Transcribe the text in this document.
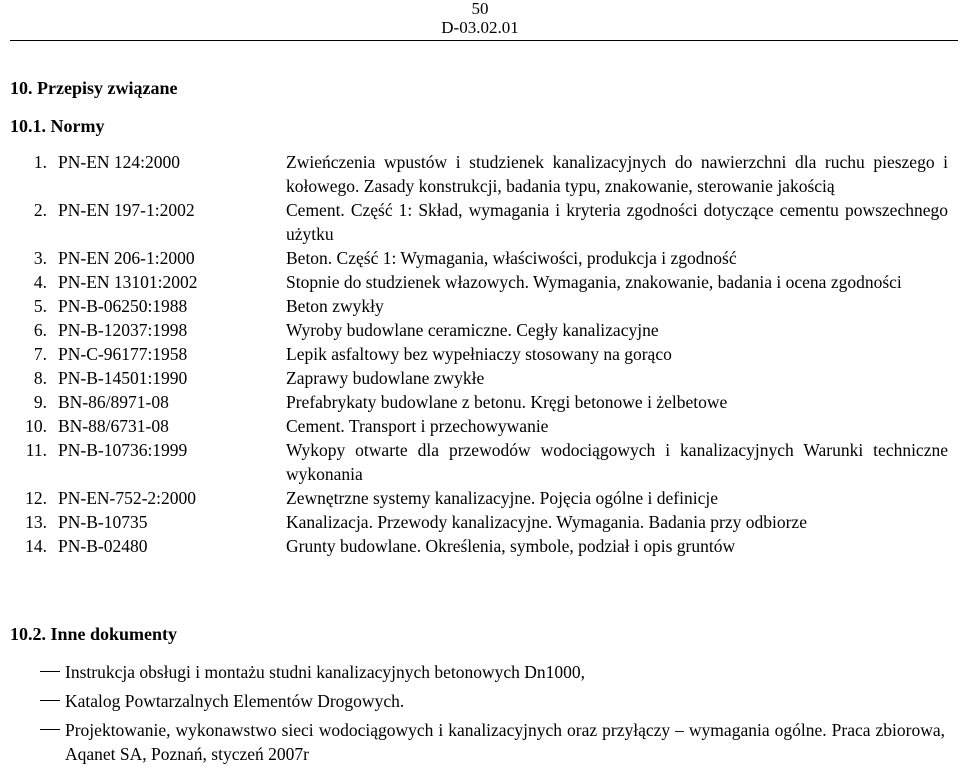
50
D-03.02.01
10. Przepisy związane
10.1. Normy
1. PN-EN 124:2000	Zwieńczenia wpustów i studzienek kanalizacyjnych do nawierzchni dla ruchu pieszego i kołowego. Zasady konstrukcji, badania typu, znakowanie, sterowanie jakością
2. PN-EN 197-1:2002	Cement. Część 1: Skład, wymagania i kryteria zgodności dotyczące cementu powszechnego użytku
3. PN-EN 206-1:2000	Beton. Część 1: Wymagania, właściwości, produkcja i zgodność
4. PN-EN 13101:2002	Stopnie do studzienek włazowych. Wymagania, znakowanie, badania i ocena zgodności
5. PN-B-06250:1988	Beton zwykły
6. PN-B-12037:1998	Wyroby budowlane ceramiczne. Cegły kanalizacyjne
7. PN-C-96177:1958	Lepik asfaltowy bez wypełniaczy stosowany na gorąco
8. PN-B-14501:1990	Zaprawy budowlane zwykłe
9. BN-86/8971-08	Prefabrykaty budowlane z betonu. Kręgi betonowe i żelbetowe
10. BN-88/6731-08	Cement. Transport i przechowywanie
11. PN-B-10736:1999	Wykopy otwarte dla przewodów wodociągowych i kanalizacyjnych Warunki techniczne wykonania
12. PN-EN-752-2:2000	Zewnętrzne systemy kanalizacyjne. Pojęcia ogólne i definicje
13. PN-B-10735	Kanalizacja. Przewody kanalizacyjne. Wymagania. Badania przy odbiorze
14. PN-B-02480	Grunty budowlane. Określenia, symbole, podział i opis gruntów
10.2. Inne dokumenty
Instrukcja obsługi i montażu studni kanalizacyjnych betonowych Dn1000,
Katalog Powtarzalnych Elementów Drogowych.
Projektowanie, wykonawstwo sieci wodociągowych i kanalizacyjnych oraz przyłączy – wymagania ogólne. Praca zbiorowa, Aqanet SA, Poznań, styczeń 2007r
